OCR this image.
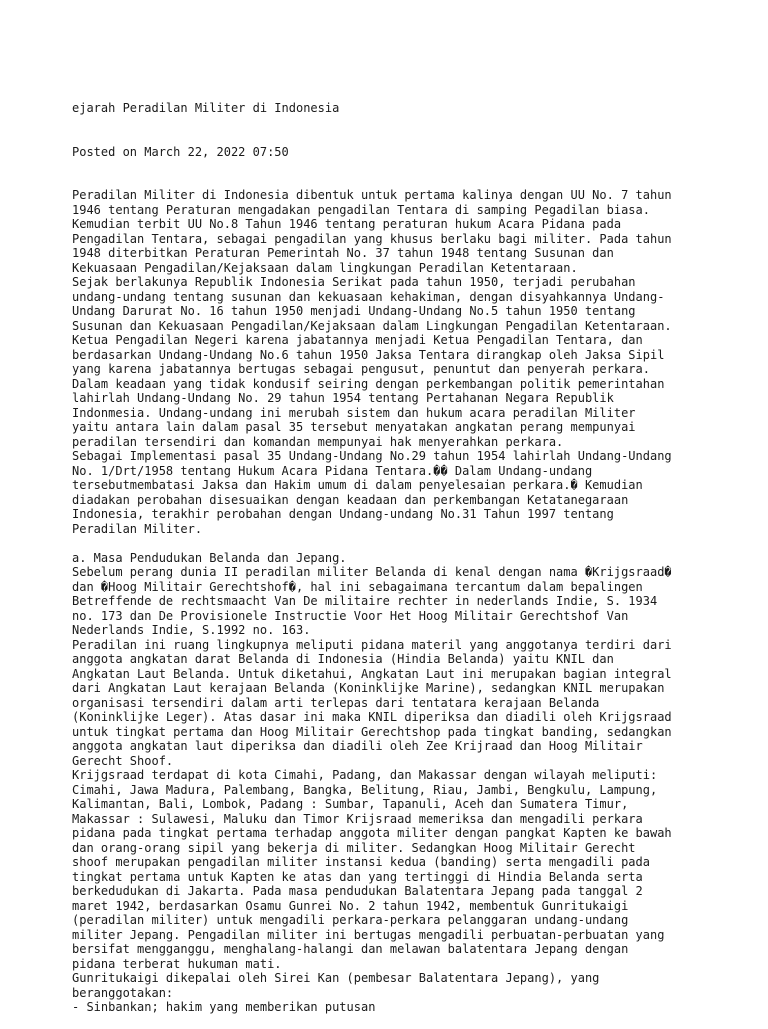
ejarah Peradilan Militer di Indonesia

Posted on March 22, 2022 07:50

Peradilan Militer di Indonesia dibentuk untuk pertama kalinya dengan UU No. 7 tahun
1946 tentang Peraturan mengadakan pengadilan Tentara di samping Pegadilan biasa.
Kemudian terbit UU No.8 Tahun 1946 tentang peraturan hukum Acara Pidana pada
Pengadilan Tentara, sebagai pengadilan yang khusus berlaku bagi militer. Pada tahun
1948 diterbitkan Peraturan Pemerintah No. 37 tahun 1948 tentang Susunan dan
Kekuasaan Pengadilan/Kejaksaan dalam lingkungan Peradilan Ketentaraan.
Sejak berlakunya Republik Indonesia Serikat pada tahun 1950, terjadi perubahan
undang-undang tentang susunan dan kekuasaan kehakiman, dengan disyahkannya Undang-
Undang Darurat No. 16 tahun 1950 menjadi Undang-Undang No.5 tahun 1950 tentang
Susunan dan Kekuasaan Pengadilan/Kejaksaan dalam Lingkungan Pengadilan Ketentaraan.
Ketua Pengadilan Negeri karena jabatannya menjadi Ketua Pengadilan Tentara, dan
berdasarkan Undang-Undang No.6 tahun 1950 Jaksa Tentara dirangkap oleh Jaksa Sipil
yang karena jabatannya bertugas sebagai pengusut, penuntut dan penyerah perkara.
Dalam keadaan yang tidak kondusif seiring dengan perkembangan politik pemerintahan
lahirlah Undang-Undang No. 29 tahun 1954 tentang Pertahanan Negara Republik
Indonmesia. Undang-undang ini merubah sistem dan hukum acara peradilan Militer
yaitu antara lain dalam pasal 35 tersebut menyatakan angkatan perang mempunyai
peradilan tersendiri dan komandan mempunyai hak menyerahkan perkara.
Sebagai Implementasi pasal 35 Undang-Undang No.29 tahun 1954 lahirlah Undang-Undang
No. 1/Drt/1958 tentang Hukum Acara Pidana Tentara.�� Dalam Undang-undang
tersebutmembatasi Jaksa dan Hakim umum di dalam penyelesaian perkara.� Kemudian
diadakan perobahan disesuaikan dengan keadaan dan perkembangan Ketatanegaraan
Indonesia, terakhir perobahan dengan Undang-undang No.31 Tahun 1997 tentang
Peradilan Militer.
a. Masa Pendudukan Belanda dan Jepang.
Sebelum perang dunia II peradilan militer Belanda di kenal dengan nama �Krijgsraad�
dan �Hoog Militair Gerechtshof�, hal ini sebagaimana tercantum dalam bepalingen
Betreffende de rechtsmaacht Van De militaire rechter in nederlands Indie, S. 1934
no. 173 dan De Provisionele Instructie Voor Het Hoog Militair Gerechtshof Van
Nederlands Indie, S.1992 no. 163.
Peradilan ini ruang lingkupnya meliputi pidana materil yang anggotanya terdiri dari
anggota angkatan darat Belanda di Indonesia (Hindia Belanda) yaitu KNIL dan
Angkatan Laut Belanda. Untuk diketahui, Angkatan Laut ini merupakan bagian integral
dari Angkatan Laut kerajaan Belanda (Koninklijke Marine), sedangkan KNIL merupakan
organisasi tersendiri dalam arti terlepas dari tentatara kerajaan Belanda
(Koninklijke Leger). Atas dasar ini maka KNIL diperiksa dan diadili oleh Krijgsraad
untuk tingkat pertama dan Hoog Militair Gerechtshop pada tingkat banding, sedangkan
anggota angkatan laut diperiksa dan diadili oleh Zee Krijraad dan Hoog Militair
Gerecht Shoof.
Krijgsraad terdapat di kota Cimahi, Padang, dan Makassar dengan wilayah meliputi:
Cimahi, Jawa Madura, Palembang, Bangka, Belitung, Riau, Jambi, Bengkulu, Lampung,
Kalimantan, Bali, Lombok, Padang : Sumbar, Tapanuli, Aceh dan Sumatera Timur,
Makassar : Sulawesi, Maluku dan Timor Krijsraad memeriksa dan mengadili perkara
pidana pada tingkat pertama terhadap anggota militer dengan pangkat Kapten ke bawah
dan orang-orang sipil yang bekerja di militer. Sedangkan Hoog Militair Gerecht
shoof merupakan pengadilan militer instansi kedua (banding) serta mengadili pada
tingkat pertama untuk Kapten ke atas dan yang tertinggi di Hindia Belanda serta
berkedudukan di Jakarta. Pada masa pendudukan Balatentara Jepang pada tanggal 2
maret 1942, berdasarkan Osamu Gunrei No. 2 tahun 1942, membentuk Gunritukaigi
(peradilan militer) untuk mengadili perkara-perkara pelanggaran undang-undang
militer Jepang. Pengadilan militer ini bertugas mengadili perbuatan-perbuatan yang
bersifat mengganggu, menghalang-halangi dan melawan balatentara Jepang dengan
pidana terberat hukuman mati.
Gunritukaigi dikepalai oleh Sirei Kan (pembesar Balatentara Jepang), yang
beranggotakan:
- Sinbankan; hakim yang memberikan putusan
